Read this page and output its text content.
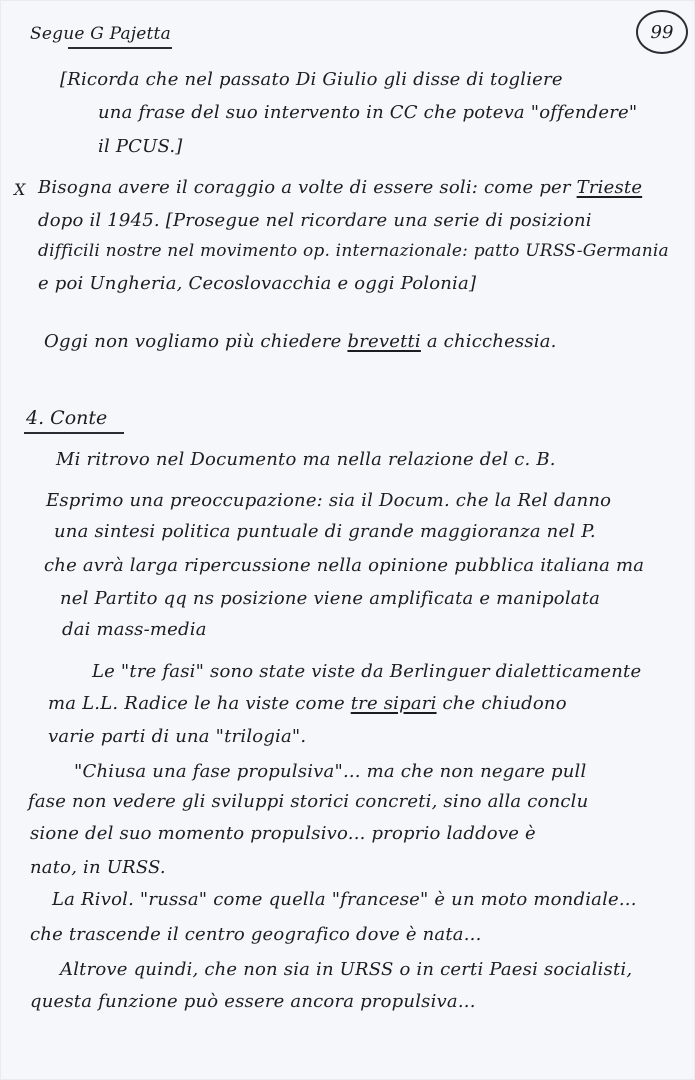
99
Segue G Pajetta
[Ricorda che nel passato Di Giulio gli disse di togliere
una frase del suo intervento in CC che poteva "offendere"
il PCUS.]
X Bisogna avere il coraggio a volte di essere soli: come per Trieste
dopo il 1945. [Prosegue nel ricordare una serie di posizioni
difficili nostre nel movimento op. internazionale: patto URSS-Germania
e poi Ungheria, Cecoslovacchia e oggi Polonia]
Oggi non vogliamo più chiedere brevetti a chicchessia.
4. Conte
Mi ritrovo nel Documento ma nella relazione del c. B.
Esprimo una preoccupazione: sia il Docum. che la Rel danno
una sintesi politica puntuale di grande maggioranza nel P.
che avrà larga ripercussione nella opinione pubblica italiana ma
nel Partito qq ns posizione viene amplificata e manipolata
dai mass-media
Le "tre fasi" sono state viste da Berlinguer dialetticamente
ma L.L. Radice le ha viste come tre sipari che chiudono
varie parti di una "trilogia".
"Chiusa una fase propulsiva"... ma che non negare pull
fase non vedere gli sviluppi storici concreti, sino alla conclu
sione del suo momento propulsivo... proprio laddove è
nato, in URSS.
La Rivol. "russa" come quella "francese" è un moto mondiale...
che trascende il centro geografico dove è nata...
Altrove quindi, che non sia in URSS o in certi Paesi socialisti,
questa funzione può essere ancora propulsiva...
